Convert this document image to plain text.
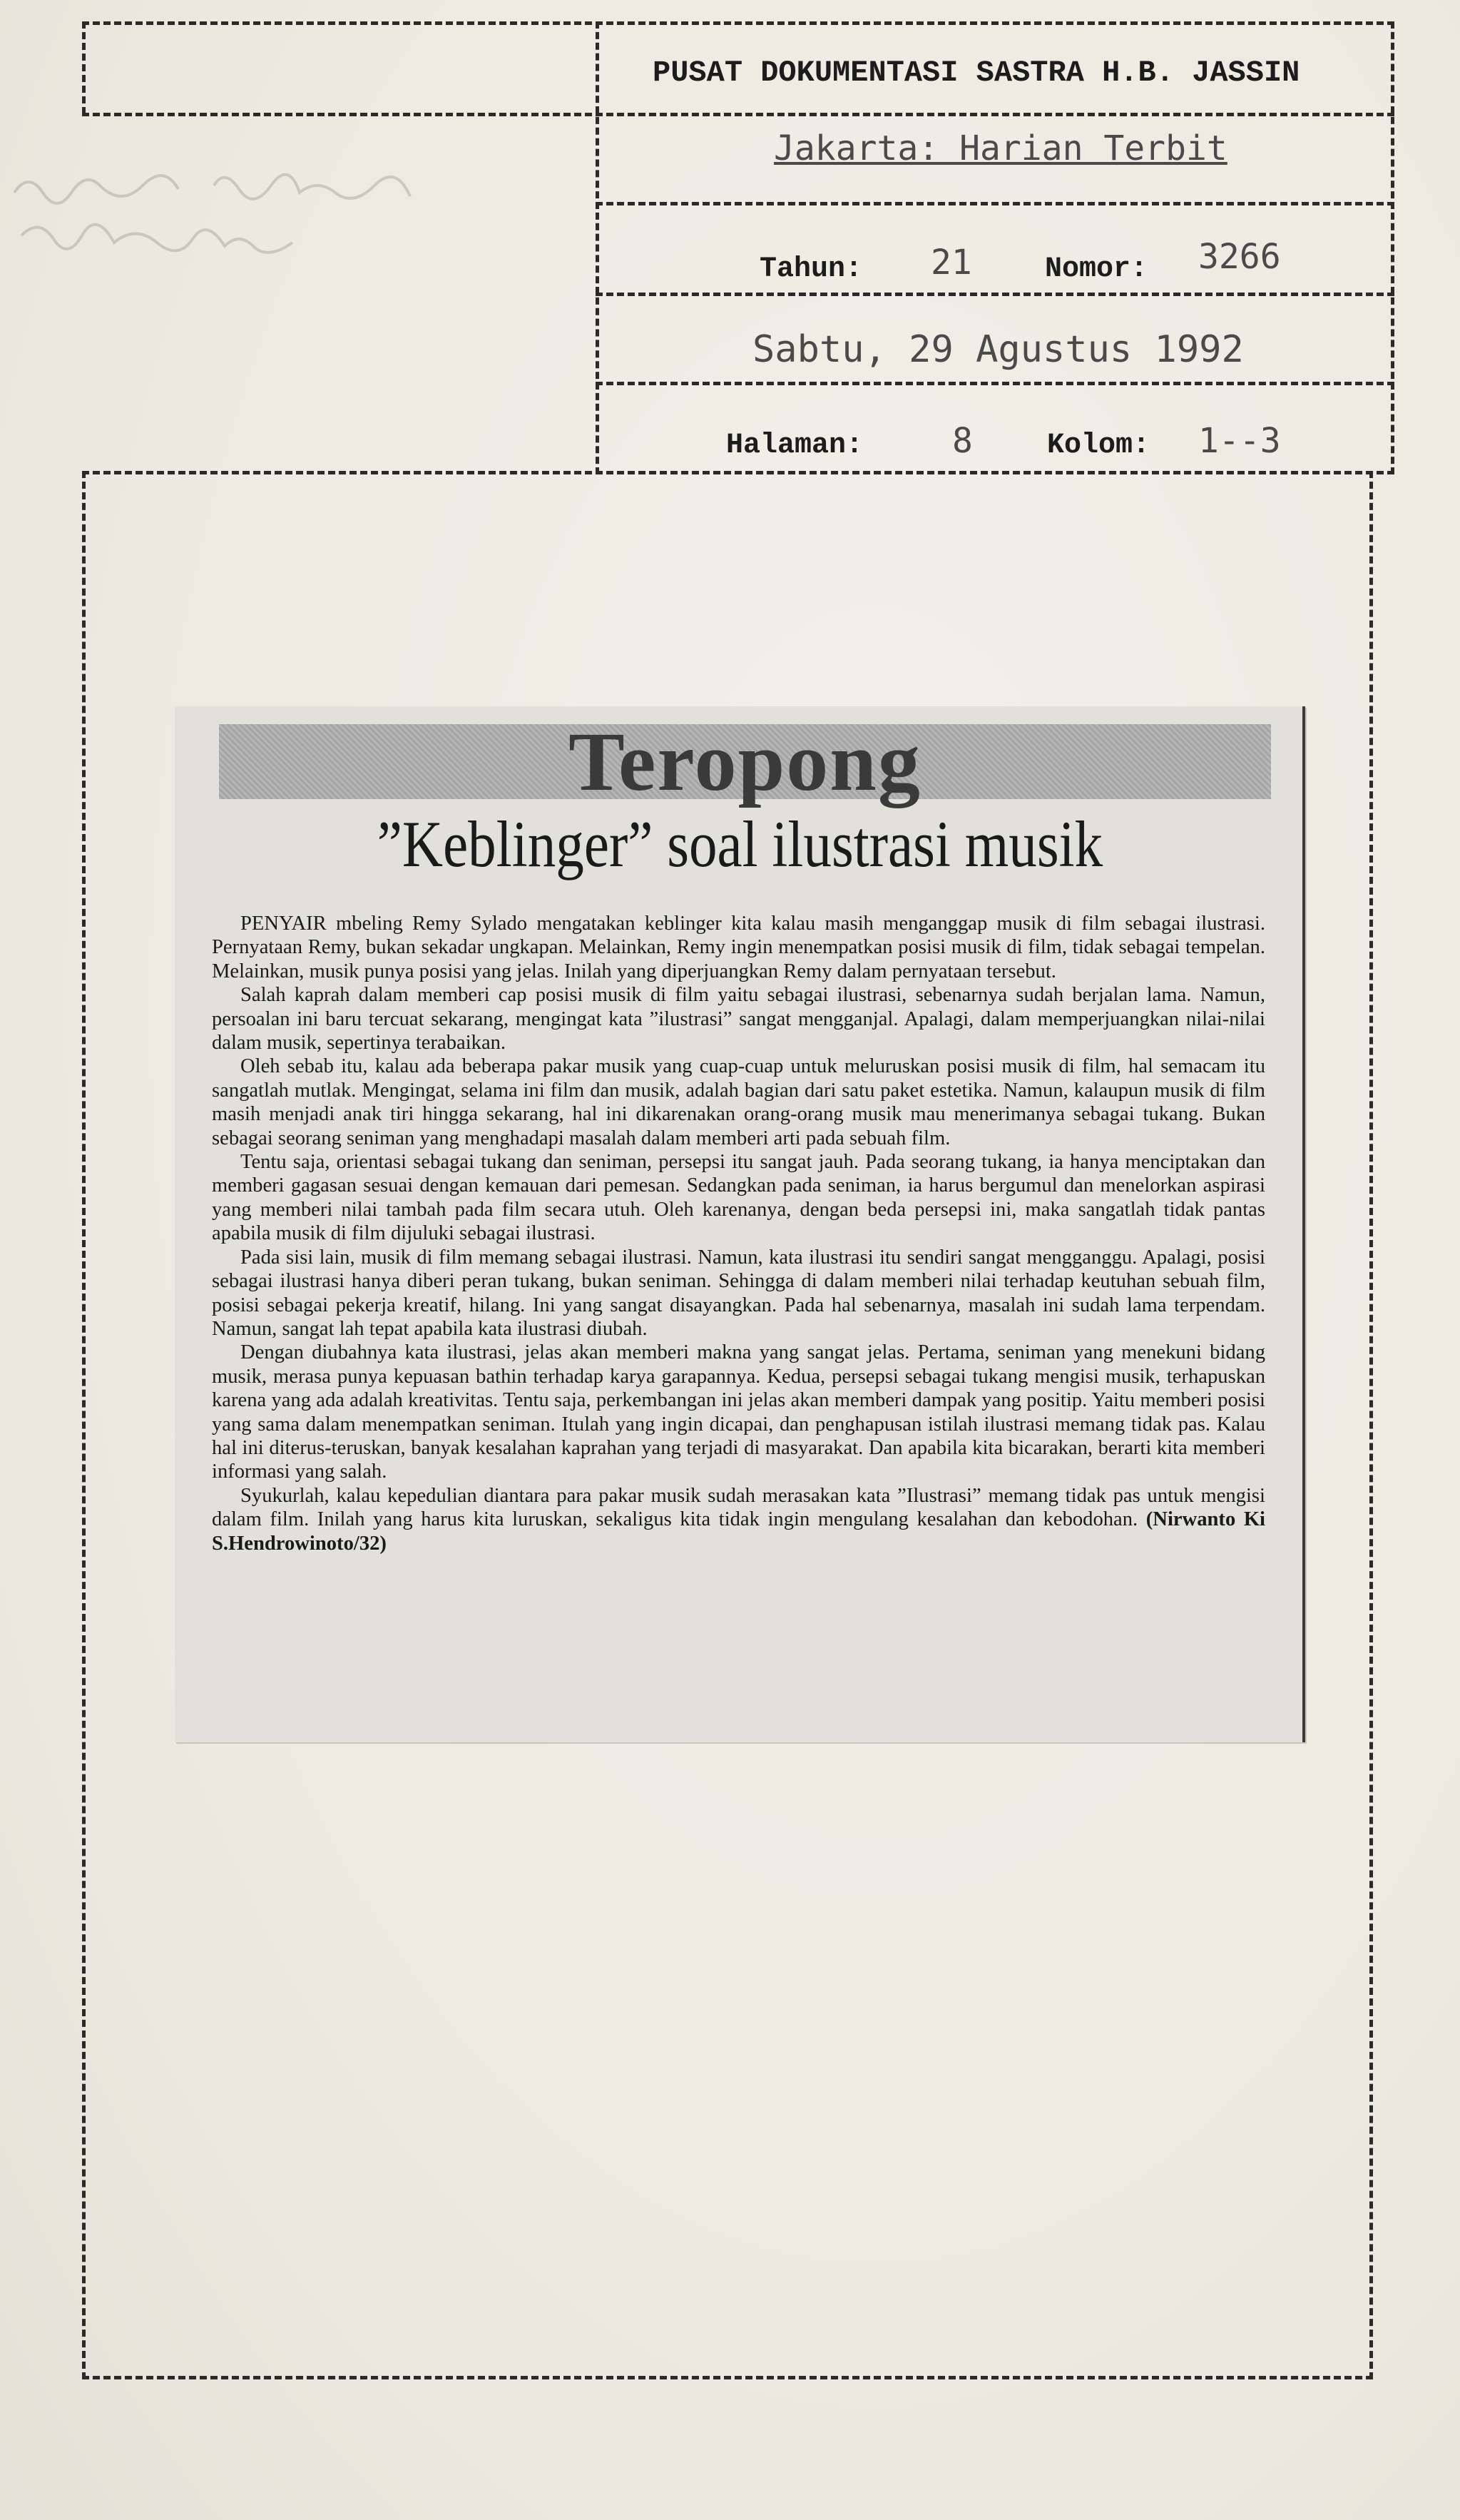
PUSAT DOKUMENTASI SASTRA H.B. JASSIN
Jakarta: Harian Terbit
Tahun: 21	Nomor: 3266
Sabtu, 29 Agustus 1992
Halaman:	8	Kolom: 1--3
Teropong
”Keblinger” soal ilustrasi musik

PENYAIR mbeling Remy Sylado mengatakan keblinger kita kalau masih menganggap musik di film sebagai ilustrasi. Pernyataan Remy, bukan sekadar ungkapan. Melainkan, Remy ingin menempatkan posisi musik di film, tidak sebagai tempelan. Melainkan, musik punya posisi yang jelas. Inilah yang diperjuangkan Remy dalam pernyataan tersebut.

Salah kaprah dalam memberi cap posisi musik di film yaitu sebagai ilustrasi, sebenarnya sudah berjalan lama. Namun, persoalan ini baru tercuat sekarang, mengingat kata ”ilustrasi” sangat mengganjal. Apalagi, dalam memperjuangkan nilai-nilai dalam musik, sepertinya terabaikan.

Oleh sebab itu, kalau ada beberapa pakar musik yang cuap-cuap untuk meluruskan posisi musik di film, hal semacam itu sangatlah mutlak. Mengingat, selama ini film dan musik, adalah bagian dari satu paket estetika. Namun, kalaupun musik di film masih menjadi anak tiri hingga sekarang, hal ini dikarenakan orang-orang musik mau menerimanya sebagai tukang. Bukan sebagai seorang seniman yang menghadapi masalah dalam memberi arti pada sebuah film.

Tentu saja, orientasi sebagai tukang dan seniman, persepsi itu sangat jauh. Pada seorang tukang, ia hanya menciptakan dan memberi gagasan sesuai dengan kemauan dari pemesan. Sedangkan pada seniman, ia harus bergumul dan menelorkan aspirasi yang memberi nilai tambah pada film secara utuh. Oleh karenanya, dengan beda persepsi ini, maka sangatlah tidak pantas apabila musik di film dijuluki sebagai ilustrasi.

Pada sisi lain, musik di film memang sebagai ilustrasi. Namun, kata ilustrasi itu sendiri sangat mengganggu. Apalagi, posisi sebagai ilustrasi hanya diberi peran tukang, bukan seniman. Sehingga di dalam memberi nilai terhadap keutuhan sebuah film, posisi sebagai pekerja kreatif, hilang. Ini yang sangat disayangkan. Pada hal sebenarnya, masalah ini sudah lama terpendam. Namun, sangat lah tepat apabila kata ilustrasi diubah.

Dengan diubahnya kata ilustrasi, jelas akan memberi makna yang sangat jelas. Pertama, seniman yang menekuni bidang musik, merasa punya kepuasan bathin terhadap karya garapannya. Kedua, persepsi sebagai tukang mengisi musik, terhapuskan karena yang ada adalah kreativitas. Tentu saja, perkembangan ini jelas akan memberi dampak yang positip. Yaitu memberi posisi yang sama dalam menempatkan seniman. Itulah yang ingin dicapai, dan penghapusan istilah ilustrasi memang tidak pas. Kalau hal ini diterus-teruskan, banyak kesalahan kaprahan yang terjadi di masyarakat. Dan apabila kita bicarakan, berarti kita memberi informasi yang salah.

Syukurlah, kalau kepedulian diantara para pakar musik sudah merasakan kata ”Ilustrasi” memang tidak pas untuk mengisi dalam film. Inilah yang harus kita luruskan, sekaligus kita tidak ingin mengulang kesalahan dan kebodohan. (Nirwanto Ki S.Hendrowinoto/32)
